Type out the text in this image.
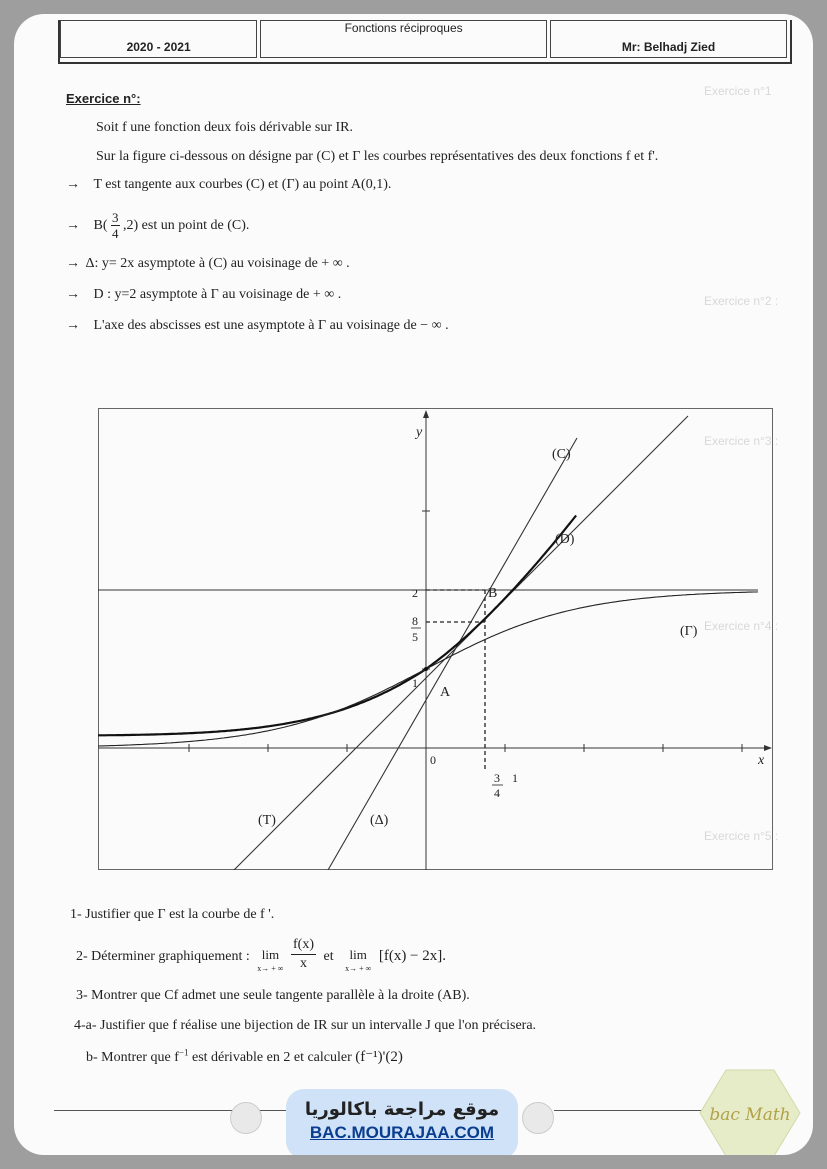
Exercice n°1
Exercice n°2 :
Exercice n°3 :
Exercice n°4 :
Exercice n°5 :
2020 - 2021
Fonctions réciproques
Mr: Belhadj Zied
Exercice n°:
Soit f une fonction deux fois dérivable sur IR.
Sur la figure ci-dessous on désigne par (C) et Γ les courbes représentatives des deux fonctions f et f'.
→ T est tangente aux courbes (C) et (Γ) au point A(0,1).
→ $B( \frac{3}{4} ,2)$ est un point de (C).
→ Δ: y= 2x asymptote à (C) au voisinage de + ∞ .
→ D : y=2 asymptote à Γ au voisinage de + ∞ .
→ L'axe des abscisses est une asymptote à Γ au voisinage de − ∞ .
y
x
(C)
(D)
(Γ)
(T)	(Δ)
A
B
0
2
1
8
5
3
4
1
1- Justifier que Γ est la courbe de f '.
2- Déterminer graphiquement : lim
x→ + ∞
$\frac{f(x)}{x}$ et	lim
x→ + ∞
[f(x) − 2x].
3- Montrer que Cf admet une seule tangente parallèle à la droite (AB).
4-a- Justifier que f réalise une bijection de IR sur un intervalle J que l'on précisera.
b- Montrer que $f^{-1}$ est dérivable en 2 et calculer (f⁻¹)'(2)
موقع مراجعة باكالوريا
BAC.MOURAJAA.COM
bac Math
